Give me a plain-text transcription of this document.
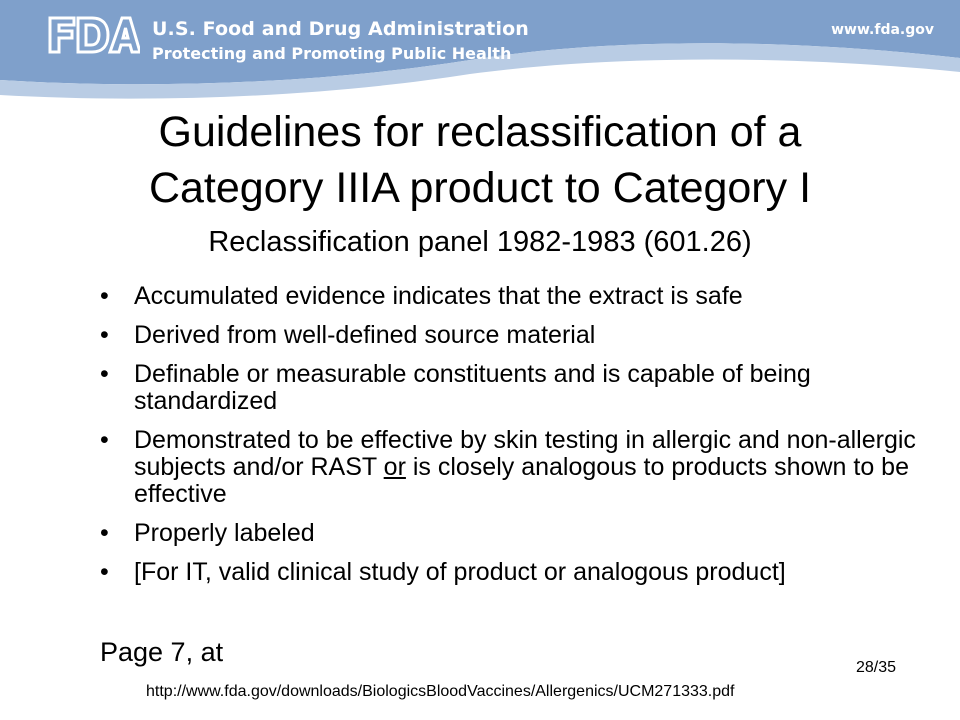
U.S. Food and Drug Administration
Protecting and Promoting Public Health
www.fda.gov
Guidelines for reclassification of a
Category IIIA product to Category I
Reclassification panel 1982-1983 (601.26)
• Accumulated evidence indicates that the extract is safe
• Derived from well-defined source material
• Definable or measurable constituents and is capable of being standardized
• Demonstrated to be effective by skin testing in allergic and non-allergic subjects and/or RAST or is closely analogous to products shown to be effective
• Properly labeled
• [For IT, valid clinical study of product or analogous product]
Page 7, at
28/35
http://www.fda.gov/downloads/BiologicsBloodVaccines/Allergenics/UCM271333.pdf
